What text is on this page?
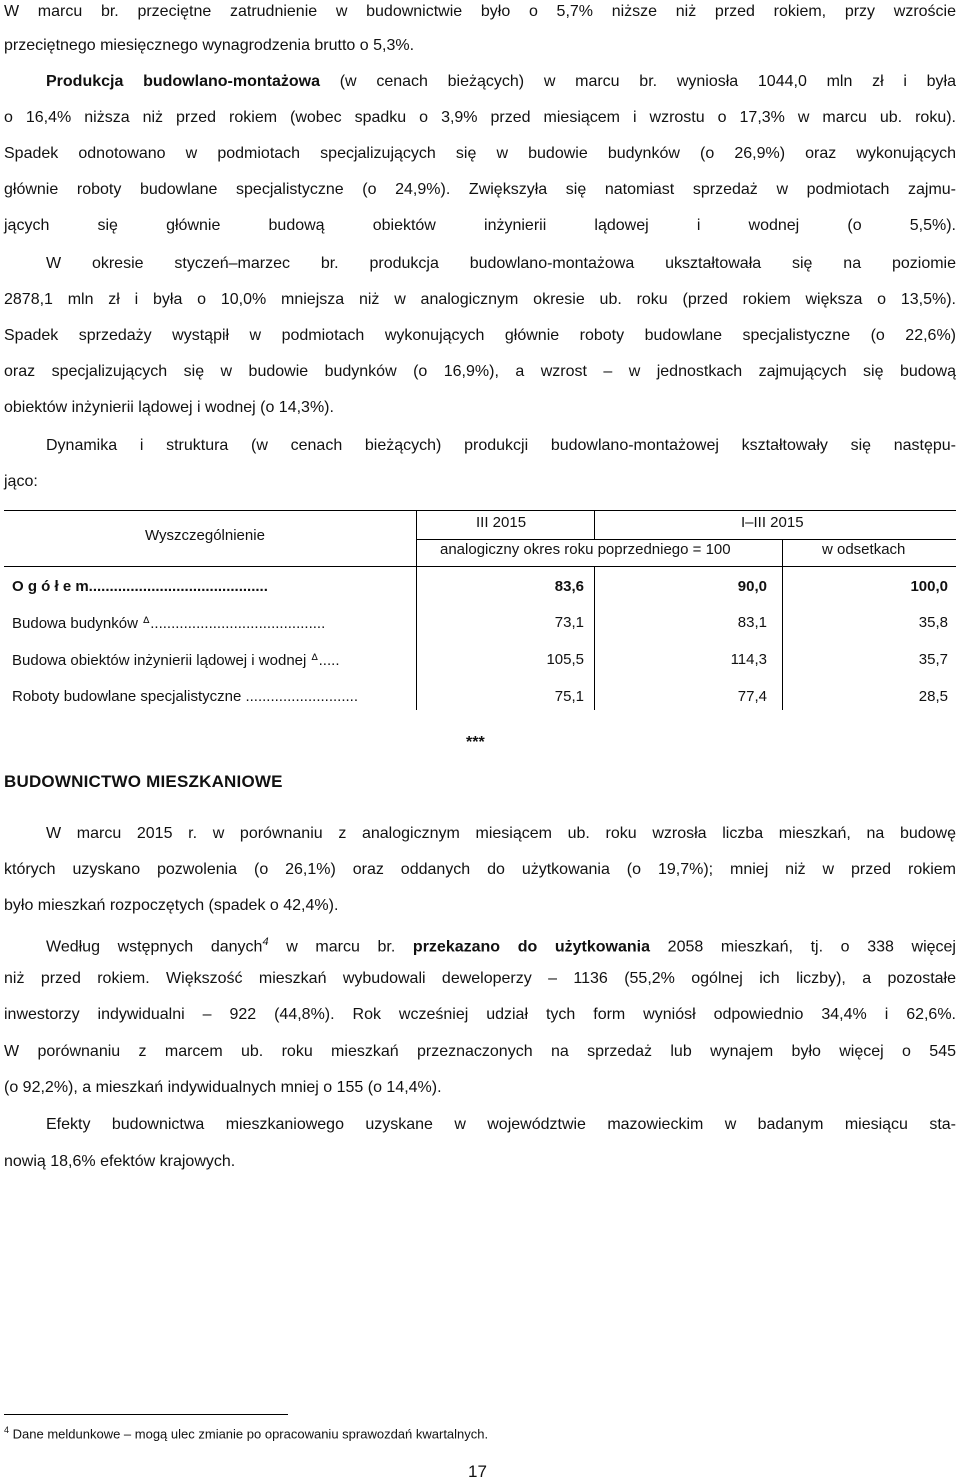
W marcu br. przeciętne zatrudnienie w budownictwie było o 5,7% niższe niż przed rokiem, przy wzroście
przeciętnego miesięcznego wynagrodzenia brutto o 5,3%.
Produkcja budowlano-montażowa (w cenach bieżących) w marcu br. wyniosła 1044,0 mln zł i była
o 16,4% niższa niż przed rokiem (wobec spadku o 3,9% przed miesiącem i wzrostu o 17,3% w marcu ub. roku).
Spadek odnotowano w podmiotach specjalizujących się w budowie budynków (o 26,9%) oraz wykonujących
głównie roboty budowlane specjalistyczne (o 24,9%). Zwiększyła się natomiast sprzedaż w podmiotach zajmu-
jących się głównie budową obiektów inżynierii lądowej i wodnej (o 5,5%).
W okresie styczeń‒marzec br. produkcja budowlano-montażowa ukształtowała się na poziomie
2878,1 mln zł i była o 10,0% mniejsza niż w analogicznym okresie ub. roku (przed rokiem większa o 13,5%).
Spadek sprzedaży wystąpił w podmiotach wykonujących głównie roboty budowlane specjalistyczne (o 22,6%)
oraz specjalizujących się w budowie budynków (o 16,9%), a wzrost ‒ w jednostkach zajmujących się budową
obiektów inżynierii lądowej i wodnej (o 14,3%).
Dynamika i struktura (w cenach bieżących) produkcji budowlano-montażowej kształtowały się następu-
jąco:
Wyszczególnienie
III 2015	I‒III 2015
analogiczny okres roku poprzedniego = 100	w odsetkach
O g ó ł e m...........................................	83,6	90,0	100,0
Budowa budynków ᐞ..........................................	73,1	83,1	35,8
Budowa obiektów inżynierii lądowej i wodnej ᐞ.....	105,5	114,3	35,7
Roboty budowlane specjalistyczne ...........................	75,1	77,4	28,5
***
BUDOWNICTWO MIESZKANIOWE
W marcu 2015 r. w porównaniu z analogicznym miesiącem ub. roku wzrosła liczba mieszkań, na budowę
których uzyskano pozwolenia (o 26,1%) oraz oddanych do użytkowania (o 19,7%); mniej niż w przed rokiem
było mieszkań rozpoczętych (spadek o 42,4%).
Według wstępnych danych$^4$ w marcu br. przekazano do użytkowania 2058 mieszkań, tj. o 338 więcej
niż przed rokiem. Większość mieszkań wybudowali deweloperzy ‒ 1136 (55,2% ogólnej ich liczby), a pozostałe
inwestorzy indywidualni ‒ 922 (44,8%). Rok wcześniej udział tych form wyniósł odpowiednio 34,4% i 62,6%.
W porównaniu z marcem ub. roku mieszkań przeznaczonych na sprzedaż lub wynajem było więcej o 545
(o 92,2%), a mieszkań indywidualnych mniej o 155 (o 14,4%).
Efekty budownictwa mieszkaniowego uzyskane w województwie mazowieckim w badanym miesiącu sta-
nowią 18,6% efektów krajowych.
$^4$ Dane meldunkowe ‒ mogą ulec zmianie po opracowaniu sprawozdań kwartalnych.
17
